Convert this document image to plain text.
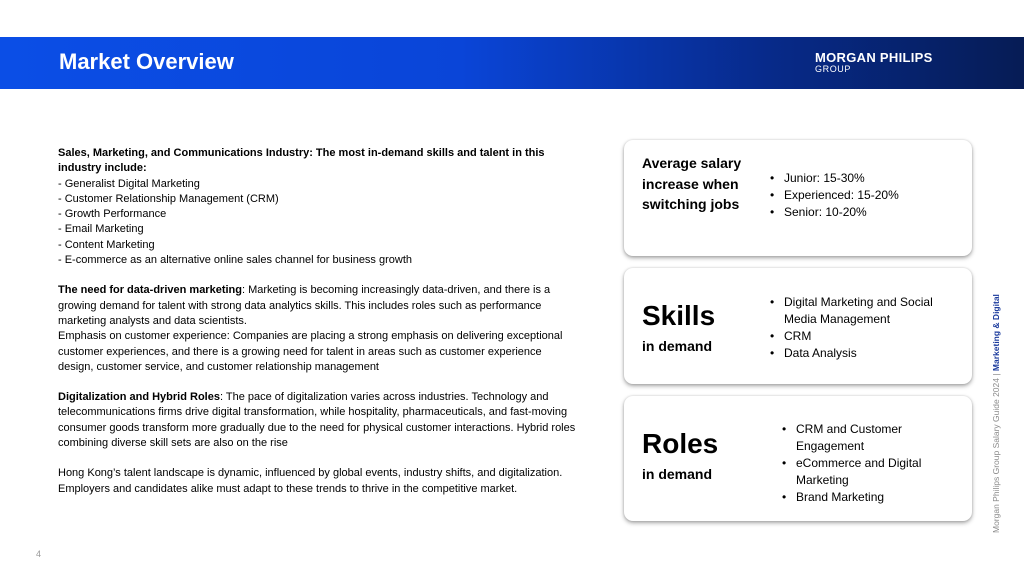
Market Overview	MORGAN PHILIPS
GROUP

Sales, Marketing, and Communications Industry: The most in-demand skills and talent in this industry include:

- Generalist Digital Marketing

- Customer Relationship Management (CRM)

- Growth Performance

- Email Marketing

- Content Marketing

- E-commerce as an alternative online sales channel for business growth

The need for data-driven marketing: Marketing is becoming increasingly data-driven, and there is a growing demand for talent with strong data analytics skills. This includes roles such as performance marketing analysts and data scientists.

Emphasis on customer experience: Companies are placing a strong emphasis on delivering exceptional customer experiences, and there is a growing need for talent in areas such as customer experience design, customer service, and customer relationship management

Digitalization and Hybrid Roles: The pace of digitalization varies across industries. Technology and telecommunications firms drive digital transformation, while hospitality, pharmaceuticals, and fast-moving consumer goods transform more gradually due to the need for physical customer interactions. Hybrid roles combining diverse skill sets are also on the rise

Hong Kong’s talent landscape is dynamic, influenced by global events, industry shifts, and digitalization. Employers and candidates alike must adapt to these trends to thrive in the competitive market.

Average salary increase when switching jobs
• Junior: 15-30%
• Experienced: 15-20%
• Senior: 10-20%
Skills
in demand
• Digital Marketing and Social Media Management
• CRM
• Data Analysis
Roles
in demand
• CRM and Customer Engagement
• eCommerce and Digital Marketing
• Brand Marketing	Morgan Philips Group Salary Guide 2024 | Marketing & Digital
4
